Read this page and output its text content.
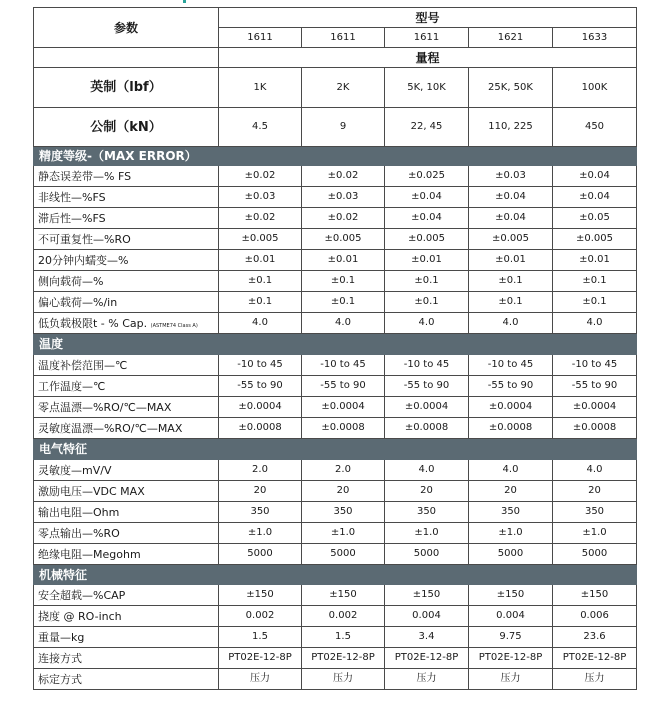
参数	型号				
	1611	1611	1611	1621	1633
	量程				
英制（lbf）	1K	2K	5K, 10K	25K, 50K	100K
公制（kN）	4.5	9	22, 45	110, 225	450
精度等级-（MAX ERROR）					
静态误差带—% FS	±0.02	±0.02	±0.025	±0.03	±0.04
非线性—%FS	±0.03	±0.03	±0.04	±0.04	±0.04
滞后性—%FS	±0.02	±0.02	±0.04	±0.04	±0.05
不可重复性—%RO	±0.005	±0.005	±0.005	±0.005	±0.005
20分钟内蠕变—%	±0.01	±0.01	±0.01	±0.01	±0.01
侧向载荷—%	±0.1	±0.1	±0.1	±0.1	±0.1
偏心载荷—%/in	±0.1	±0.1	±0.1	±0.1	±0.1
低负载极限t - % Cap. (ASTME74 Class A)	4.0	4.0	4.0	4.0	4.0
温度					
温度补偿范围—℃	-10 to 45	-10 to 45	-10 to 45	-10 to 45	-10 to 45
工作温度—℃	-55 to 90	-55 to 90	-55 to 90	-55 to 90	-55 to 90
零点温漂—%RO/℃—MAX	±0.0004	±0.0004	±0.0004	±0.0004	±0.0004
灵敏度温漂—%RO/℃—MAX	±0.0008	±0.0008	±0.0008	±0.0008	±0.0008
电气特征					
灵敏度—mV/V	2.0	2.0	4.0	4.0	4.0
激励电压—VDC MAX	20	20	20	20	20
输出电阻—Ohm	350	350	350	350	350
零点输出—%RO	±1.0	±1.0	±1.0	±1.0	±1.0
绝缘电阻—Megohm	5000	5000	5000	5000	5000
机械特征					
安全超载—%CAP	±150	±150	±150	±150	±150
挠度 @ RO-inch	0.002	0.002	0.004	0.004	0.006
重量—kg	1.5	1.5	3.4	9.75	23.6
连接方式	PT02E-12-8P	PT02E-12-8P	PT02E-12-8P	PT02E-12-8P	PT02E-12-8P
标定方式	压力	压力	压力	压力	压力
